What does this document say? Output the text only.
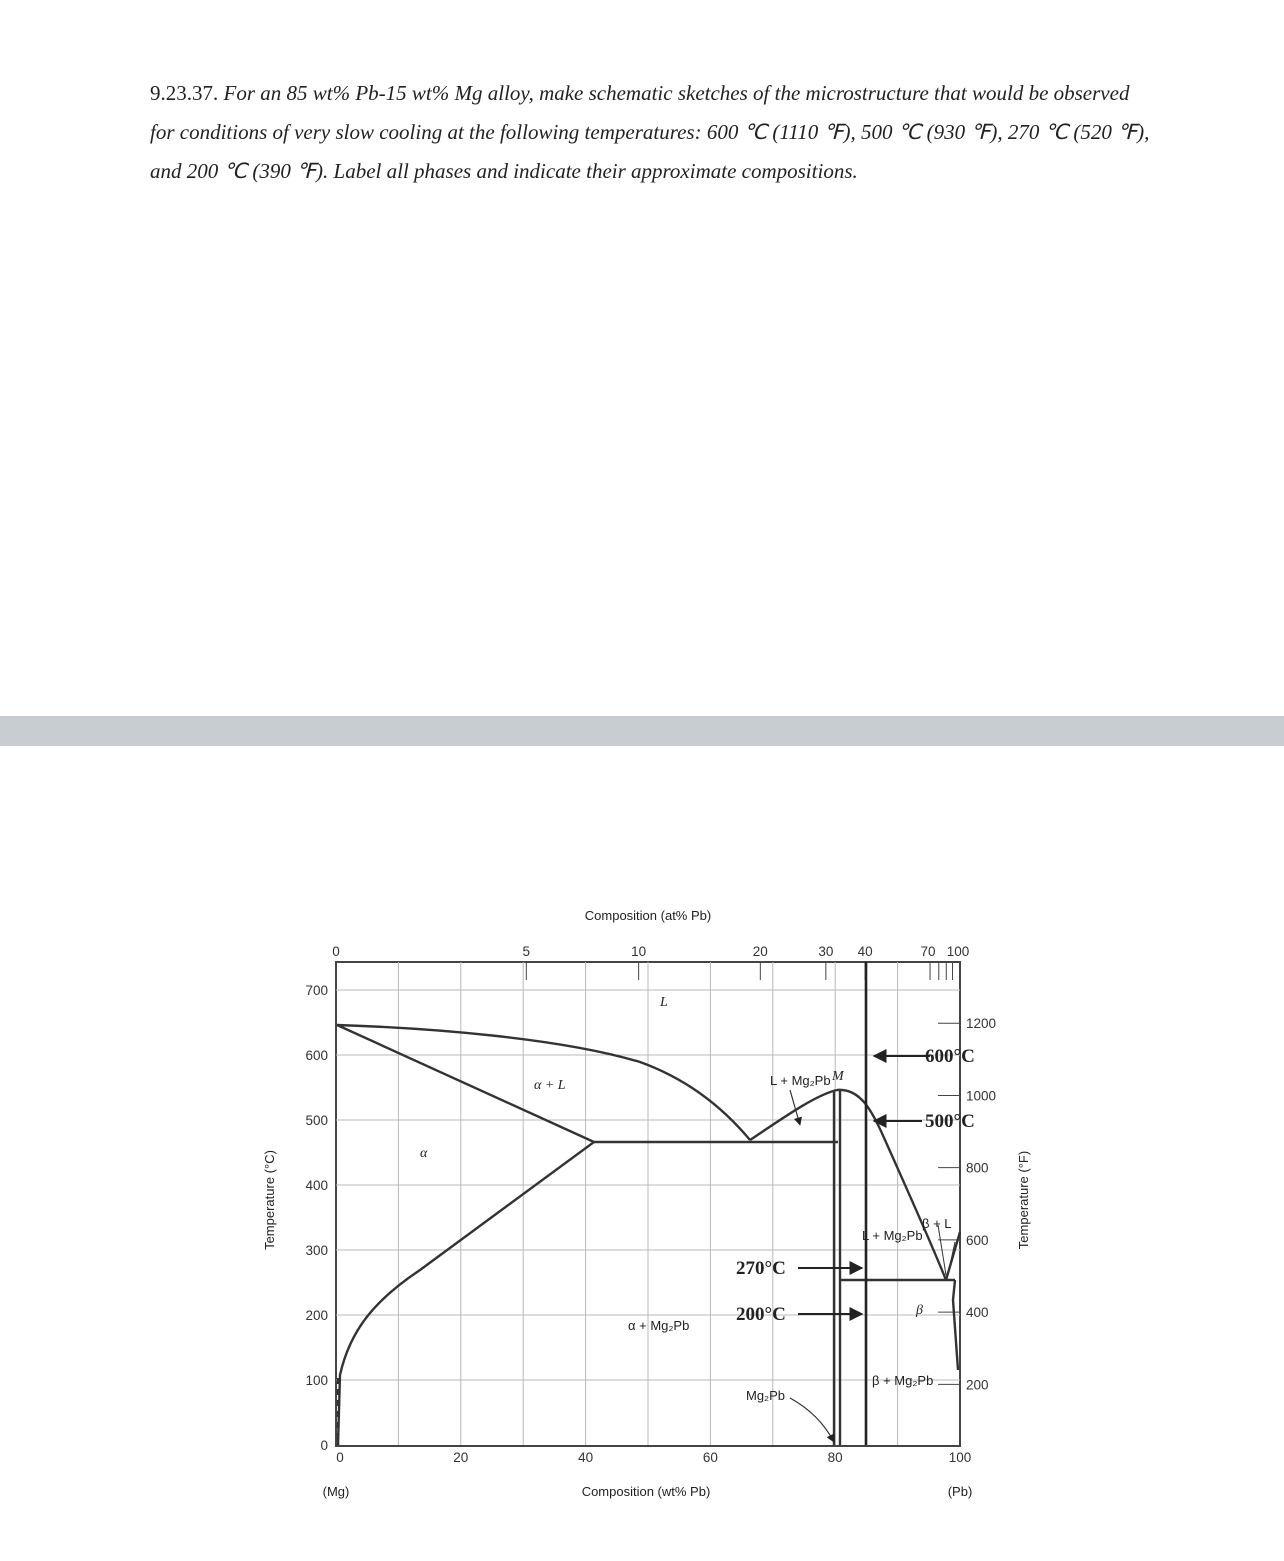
9.23.37. For an 85 wt% Pb-15 wt% Mg alloy, make schematic sketches of the microstructure that would be observed for conditions of very slow cooling at the following temperatures: 600 ℃ (1110 ℉), 500 ℃ (930 ℉), 270 ℃ (520 ℉), and 200 ℃ (390 ℉). Label all phases and indicate their approximate compositions.
0
100
200
300
400
500
600
700
200
400
600
800
1000
1200
0	20	40	60	80	100
0	5	10	20	30 40	70 100
Composition (at% Pb)
Composition (wt% Pb)
(Mg)	(Pb)
Temperature (°C)	Temperature (°F)
L
α + L
α
α + Mg₂Pb
L + Mg₂Pb
L + Mg₂Pb
β + L
β
β + Mg₂Pb
Mg₂Pb
M
600°C
500°C
270°C
200°C
